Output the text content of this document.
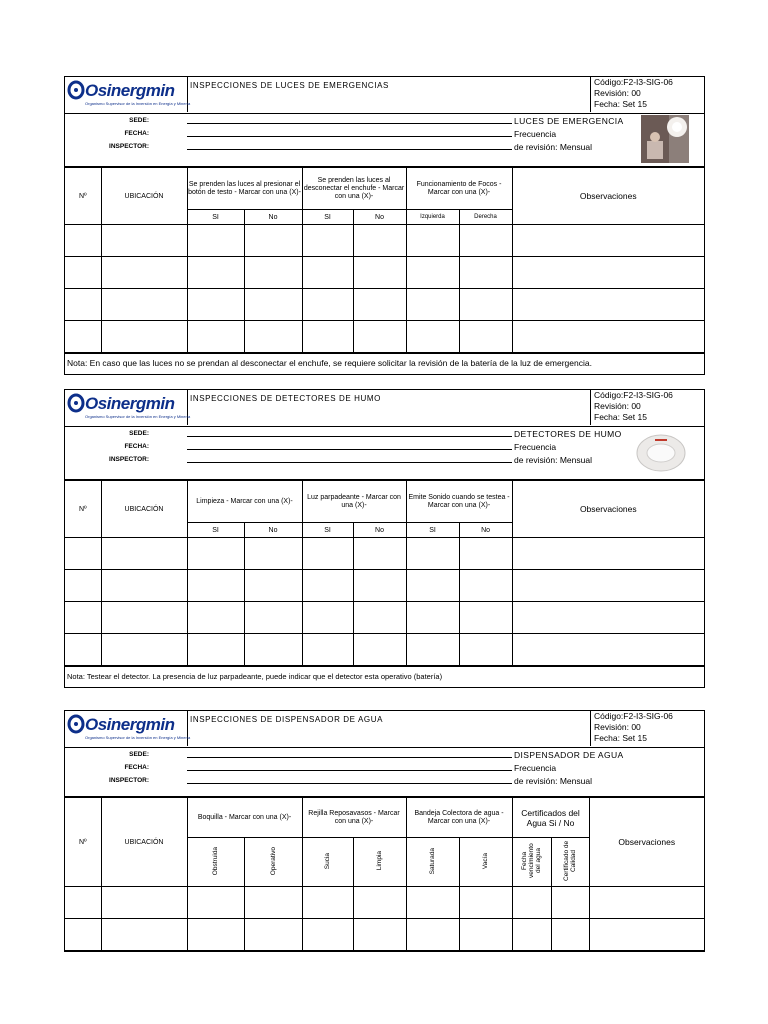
Osinergmin
Organismo Supervisor de la Inversión en Energía y Minería
INSPECCIONES DE LUCES DE EMERGENCIAS	Código:F2-I3-SIG-06
Revisión: 00
Fecha: Set 15
SEDE:
FECHA:
INSPECTOR:
LUCES DE EMERGENCIA
Frecuencia
de revisión: Mensual
Nº	UBICACIÓN	Se prenden las luces al presionar el botón de testo - Marcar con una (X)-		Se prenden las luces al desconectar el enchufe - Marcar con una (X)-		Funcionamiento de Focos - Marcar con una (X)-		Observaciones
		SI	No	SI	No	Izquierda	Derecha	

Nota: En caso que las luces no se prendan al desconectar el enchufe, se requiere solicitar la revisión de la batería de la luz de emergencia.
Osinergmin
Organismo Supervisor de la Inversión en Energía y Minería
INSPECCIONES DE DETECTORES DE HUMO	Código:F2-I3-SIG-06
Revisión: 00
Fecha: Set 15
SEDE:
FECHA:
INSPECTOR:
DETECTORES DE HUMO
Frecuencia
de revisión: Mensual
Nº	UBICACIÓN	Limpieza - Marcar con una (X)-		Luz parpadeante - Marcar con una (X)-		Emite Sonido cuando se testea - Marcar con una (X)-		Observaciones
		SI	No	SI	No	SI	No	

Nota: Testear el detector. La presencia de luz parpadeante, puede indicar que el detector esta operativo (batería)
Osinergmin
Organismo Supervisor de la Inversión en Energía y Minería
INSPECCIONES DE DISPENSADOR DE AGUA	Código:F2-I3-SIG-06
Revisión: 00
Fecha: Set 15
SEDE:
FECHA:
INSPECTOR:
DISPENSADOR DE AGUA
Frecuencia
de revisión: Mensual
Nº	UBICACIÓN	Boquilla - Marcar con una (X)-		Rejilla Reposavasos - Marcar con una (X)-		Bandeja Colectora de agua - Marcar con una (X)-		Certificados del Agua Si / No		Observaciones
		Obstruida	Operativo	Sucia	Limpia	Saturada	Vacía	Fecha vencimiento del agua	Certificado de Calidad	
